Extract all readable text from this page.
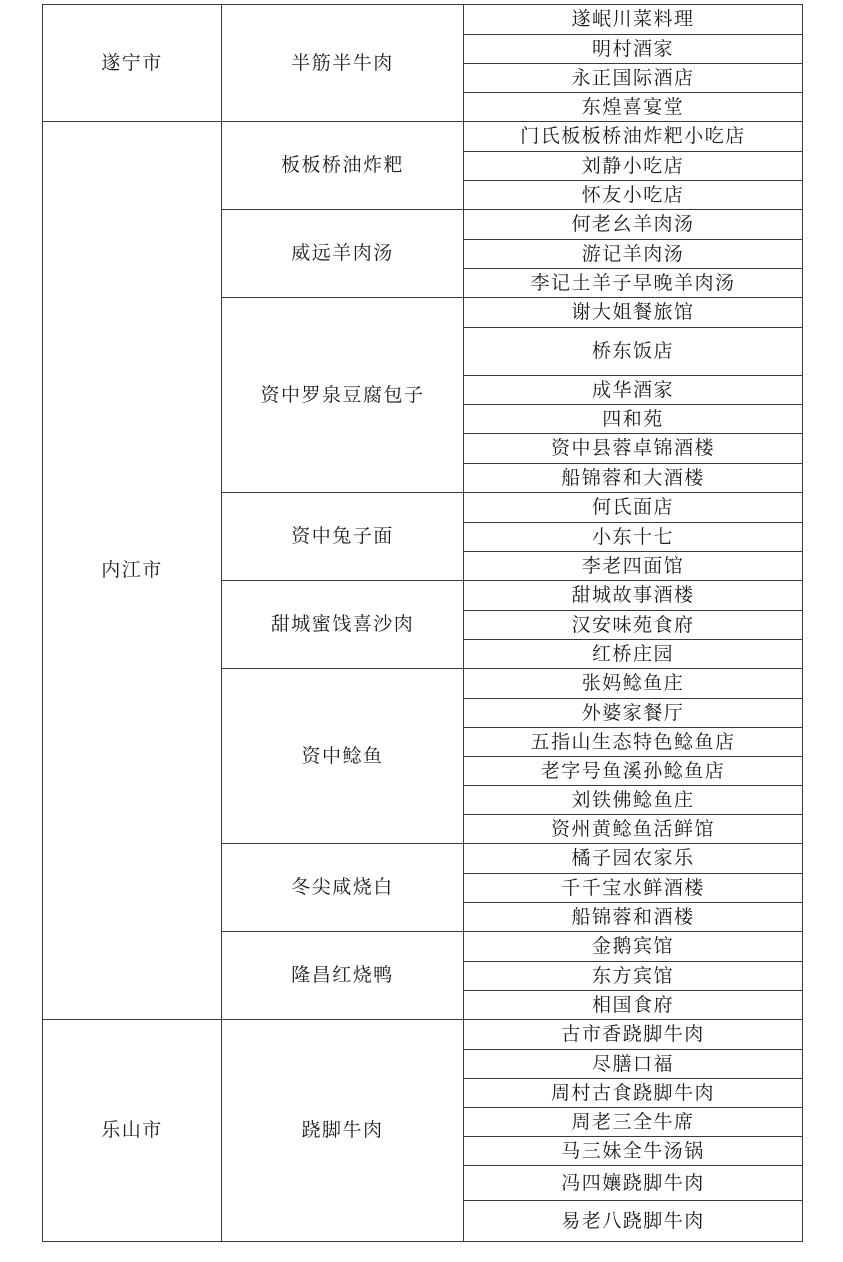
遂宁市	半筋半牛肉	遂岷川菜料理
		明村酒家
		永正国际酒店
		东煌喜宴堂
内江市	板板桥油炸粑	门氏板板桥油炸粑小吃店
		刘静小吃店
		怀友小吃店
	威远羊肉汤	何老幺羊肉汤
		游记羊肉汤
		李记土羊子早晚羊肉汤
	资中罗泉豆腐包子	谢大姐餐旅馆
		桥东饭店
		成华酒家
		四和苑
		资中县蓉卓锦酒楼
		船锦蓉和大酒楼
	资中兔子面	何氏面店
		小东十七
		李老四面馆
	甜城蜜饯喜沙肉	甜城故事酒楼
		汉安味苑食府
		红桥庄园
	资中鲶鱼	张妈鲶鱼庄
		外婆家餐厅
		五指山生态特色鲶鱼店
		老字号鱼溪孙鲶鱼店
		刘铁佛鲶鱼庄
		资州黄鲶鱼活鲜馆
	冬尖咸烧白	橘子园农家乐
		千千宝水鲜酒楼
		船锦蓉和酒楼
	隆昌红烧鸭	金鹅宾馆
		东方宾馆
		相国食府
乐山市	跷脚牛肉	古市香跷脚牛肉
		尽膳口福
		周村古食跷脚牛肉
		周老三全牛席
		马三妹全牛汤锅
		冯四孃跷脚牛肉
		易老八跷脚牛肉
